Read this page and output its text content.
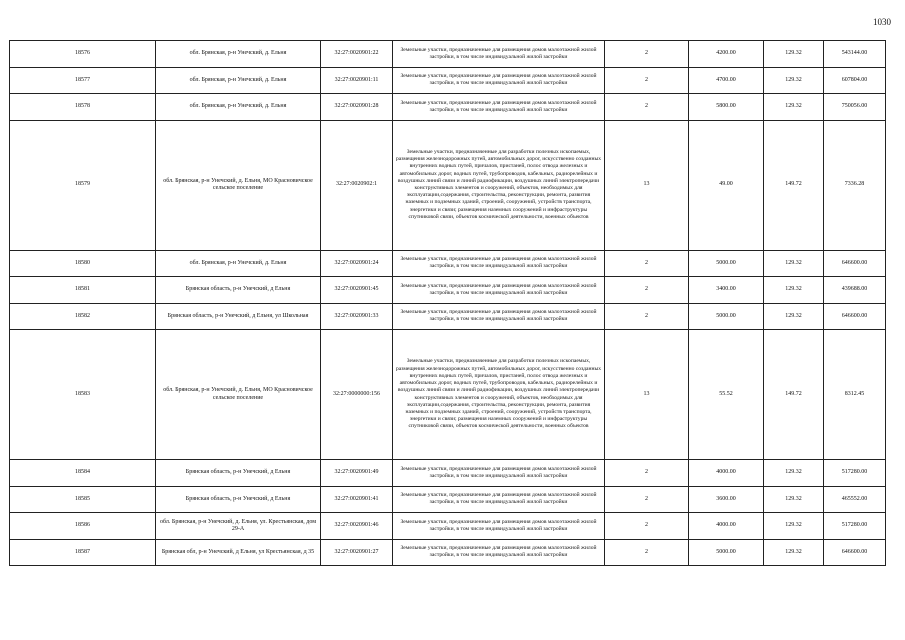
1030
18576	обл. Брянская, р-н Унечский, д. Ельня	32:27:0020901:22	Земельные участки, предназначенные для размещения домов малоэтажной жилой застройки, в том числе индивидуальной жилой застройки	2	4200.00	129.32	543144.00
18577	обл. Брянская, р-н Унечский, д. Ельня	32:27:0020901:11	Земельные участки, предназначенные для размещения домов малоэтажной жилой застройки, в том числе индивидуальной жилой застройки	2	4700.00	129.32	607804.00
18578	обл. Брянская, р-н Унечский, д. Ельня	32:27:0020901:28	Земельные участки, предназначенные для размещения домов малоэтажной жилой застройки, в том числе индивидуальной жилой застройки	2	5800.00	129.32	750056.00
18579	обл. Брянская, р-н Унечский, д. Ельня, МО Красновичское сельское поселение	32:27:0020902:1	Земельные участки, предназначенные для разработки полезных ископаемых, размещения железнодорожных путей, автомобильных дорог, искусственно созданных внутренних водных путей, причалов, пристаней, полос отвода железных и автомобильных дорог, водных путей, трубопроводов, кабельных, радиорелейных и воздушных линий связи и линий радиофикации, воздушных линий электропередачи конструктивных элементов и сооружений, объектов, необходимых для эксплуатации,содержания, строительства, реконструкции, ремонта, развития наземных и подземных зданий, строений, сооружений, устройств транспорта, энергетики и связи; размещения наземных сооружений и инфраструктуры спутниковой связи, объектов космической деятельности, военных объектов	13	49.00	149.72	7336.28
18580	обл. Брянская, р-н Унечский, д. Ельня	32:27:0020901:24	Земельные участки, предназначенные для размещения домов малоэтажной жилой застройки, в том числе индивидуальной жилой застройки	2	5000.00	129.32	646600.00
18581	Брянская область, р-н Унечский, д Ельня	32:27:0020901:45	Земельные участки, предназначенные для размещения домов малоэтажной жилой застройки, в том числе индивидуальной жилой застройки	2	3400.00	129.32	439688.00
18582	Брянская область, р-н Унечский, д Ельня, ул Школьная	32:27:0020901:33	Земельные участки, предназначенные для размещения домов малоэтажной жилой застройки, в том числе индивидуальной жилой застройки	2	5000.00	129.32	646600.00
18583	обл. Брянская, р-н Унечский, д. Ельня, МО Красновичское сельское поселение	32:27:0000000:156	Земельные участки, предназначенные для разработки полезных ископаемых, размещения железнодорожных путей, автомобильных дорог, искусственно созданных внутренних водных путей, причалов, пристаней, полос отвода железных и автомобильных дорог, водных путей, трубопроводов, кабельных, радиорелейных и воздушных линий связи и линий радиофикации, воздушных линий электропередачи конструктивных элементов и сооружений, объектов, необходимых для эксплуатации,содержания, строительства, реконструкции, ремонта, развития наземных и подземных зданий, строений, сооружений, устройств транспорта, энергетики и связи; размещения наземных сооружений и инфраструктуры спутниковой связи, объектов космической деятельности, военных объектов	13	55.52	149.72	8312.45
18584	Брянская область, р-н Унечский, д Ельня	32:27:0020901:49	Земельные участки, предназначенные для размещения домов малоэтажной жилой застройки, в том числе индивидуальной жилой застройки	2	4000.00	129.32	517280.00
18585	Брянская область, р-н Унечский, д Ельня	32:27:0020901:41	Земельные участки, предназначенные для размещения домов малоэтажной жилой застройки, в том числе индивидуальной жилой застройки	2	3600.00	129.32	465552.00
18586	обл. Брянская, р-н Унечский, д. Ельня, ул. Крестьянская, дом 29-А	32:27:0020901:46	Земельные участки, предназначенные для размещения домов малоэтажной жилой застройки, в том числе индивидуальной жилой застройки	2	4000.00	129.32	517280.00
18587	Брянская обл, р-н Унечский, д Ельня, ул Крестьянская, д 35	32:27:0020901:27	Земельные участки, предназначенные для размещения домов малоэтажной жилой застройки, в том числе индивидуальной жилой застройки	2	5000.00	129.32	646600.00
